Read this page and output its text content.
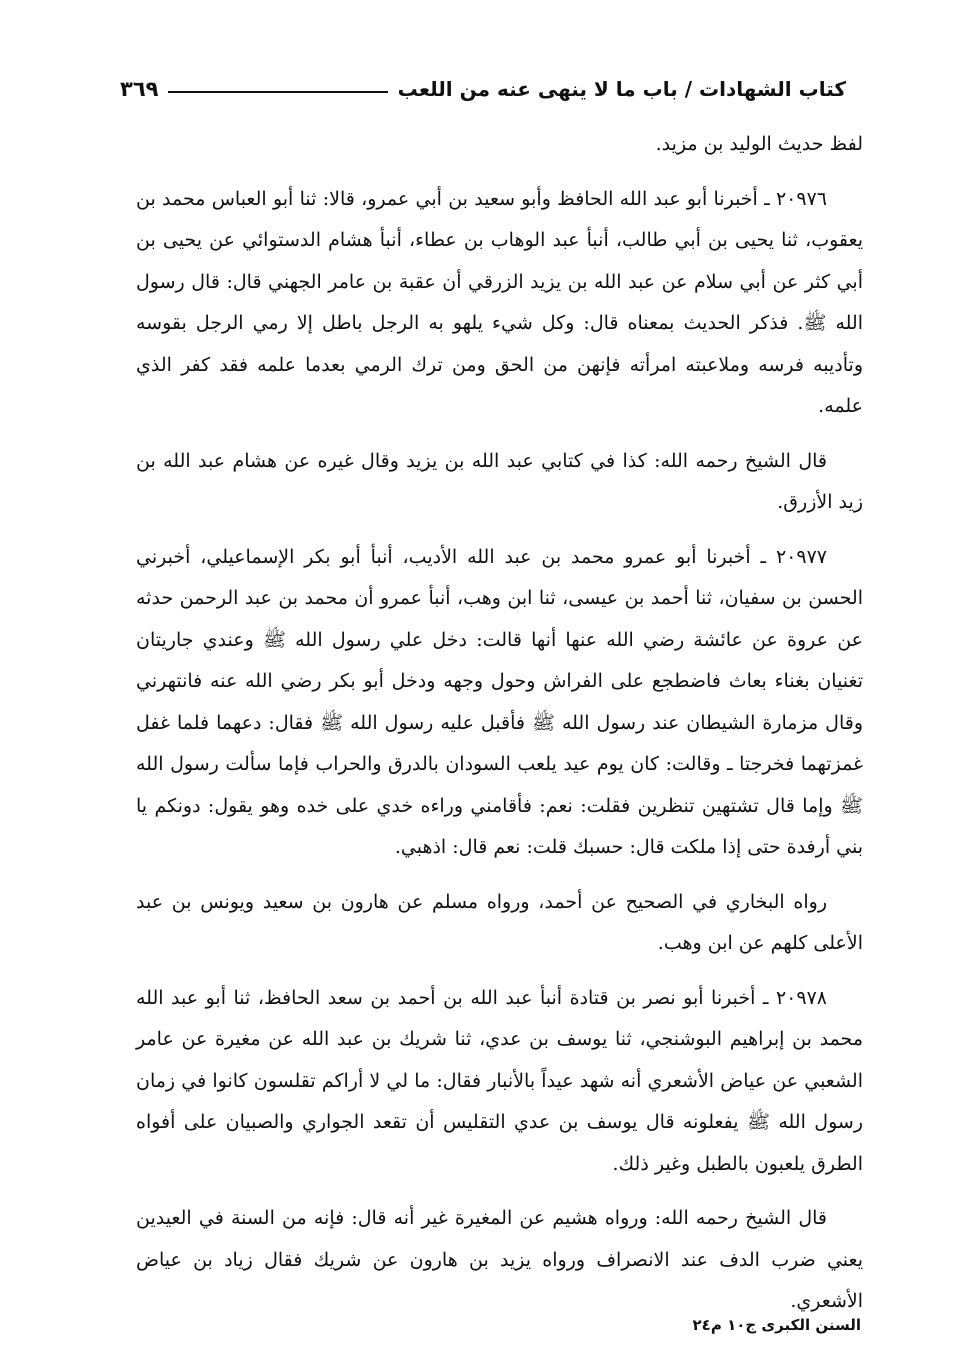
كتاب الشهادات / باب ما لا ينهى عنه من اللعب
٣٦٩

لفظ حديث الوليد بن مزيد.

٢٠٩٧٦ ـ أخبرنا أبو عبد الله الحافظ وأبو سعيد بن أبي عمرو، قالا: ثنا أبو العباس محمد بن يعقوب، ثنا يحيى بن أبي طالب، أنبأ عبد الوهاب بن عطاء، أنبأ هشام الدستوائي عن يحيى بن أبي كثر عن أبي سلام عن عبد الله بن يزيد الزرقي أن عقبة بن عامر الجهني قال: قال رسول الله ﷺ. فذكر الحديث بمعناه قال: وكل شيء يلهو به الرجل باطل إلا رمي الرجل بقوسه وتأديبه فرسه وملاعبته امرأته فإنهن من الحق ومن ترك الرمي بعدما علمه فقد كفر الذي علمه.

قال الشيخ رحمه الله: كذا في كتابي عبد الله بن يزيد وقال غيره عن هشام عبد الله بن زيد الأزرق.

٢٠٩٧٧ ـ أخبرنا أبو عمرو محمد بن عبد الله الأديب، أنبأ أبو بكر الإسماعيلي، أخبرني الحسن بن سفيان، ثنا أحمد بن عيسى، ثنا ابن وهب، أنبأ عمرو أن محمد بن عبد الرحمن حدثه عن عروة عن عائشة رضي الله عنها أنها قالت: دخل علي رسول الله ﷺ وعندي جاريتان تغنيان بغناء بعاث فاضطجع على الفراش وحول وجهه ودخل أبو بكر رضي الله عنه فانتهرني وقال مزمارة الشيطان عند رسول الله ﷺ فأقبل عليه رسول الله ﷺ فقال: دعهما فلما غفل غمزتهما فخرجتا ـ وقالت: كان يوم عيد يلعب السودان بالدرق والحراب فإما سألت رسول الله ﷺ وإما قال تشتهين تنظرين فقلت: نعم: فأقامني وراءه خدي على خده وهو يقول: دونكم يا بني أرفدة حتى إذا ملكت قال: حسبك قلت: نعم قال: اذهبي.

رواه البخاري في الصحيح عن أحمد، ورواه مسلم عن هارون بن سعيد ويونس بن عبد الأعلى كلهم عن ابن وهب.

٢٠٩٧٨ ـ أخبرنا أبو نصر بن قتادة أنبأ عبد الله بن أحمد بن سعد الحافظ، ثنا أبو عبد الله محمد بن إبراهيم البوشنجي، ثنا يوسف بن عدي، ثنا شريك بن عبد الله عن مغيرة عن عامر الشعبي عن عياض الأشعري أنه شهد عيداً بالأنبار فقال: ما لي لا أراكم تقلسون كانوا في زمان رسول الله ﷺ يفعلونه قال يوسف بن عدي التقليس أن تقعد الجواري والصبيان على أفواه الطرق يلعبون بالطبل وغير ذلك.

قال الشيخ رحمه الله: ورواه هشيم عن المغيرة غير أنه قال: فإنه من السنة في العيدين يعني ضرب الدف عند الانصراف ورواه يزيد بن هارون عن شريك فقال زياد بن عياض الأشعري.

السنن الكبرى ج١٠ م٢٤
